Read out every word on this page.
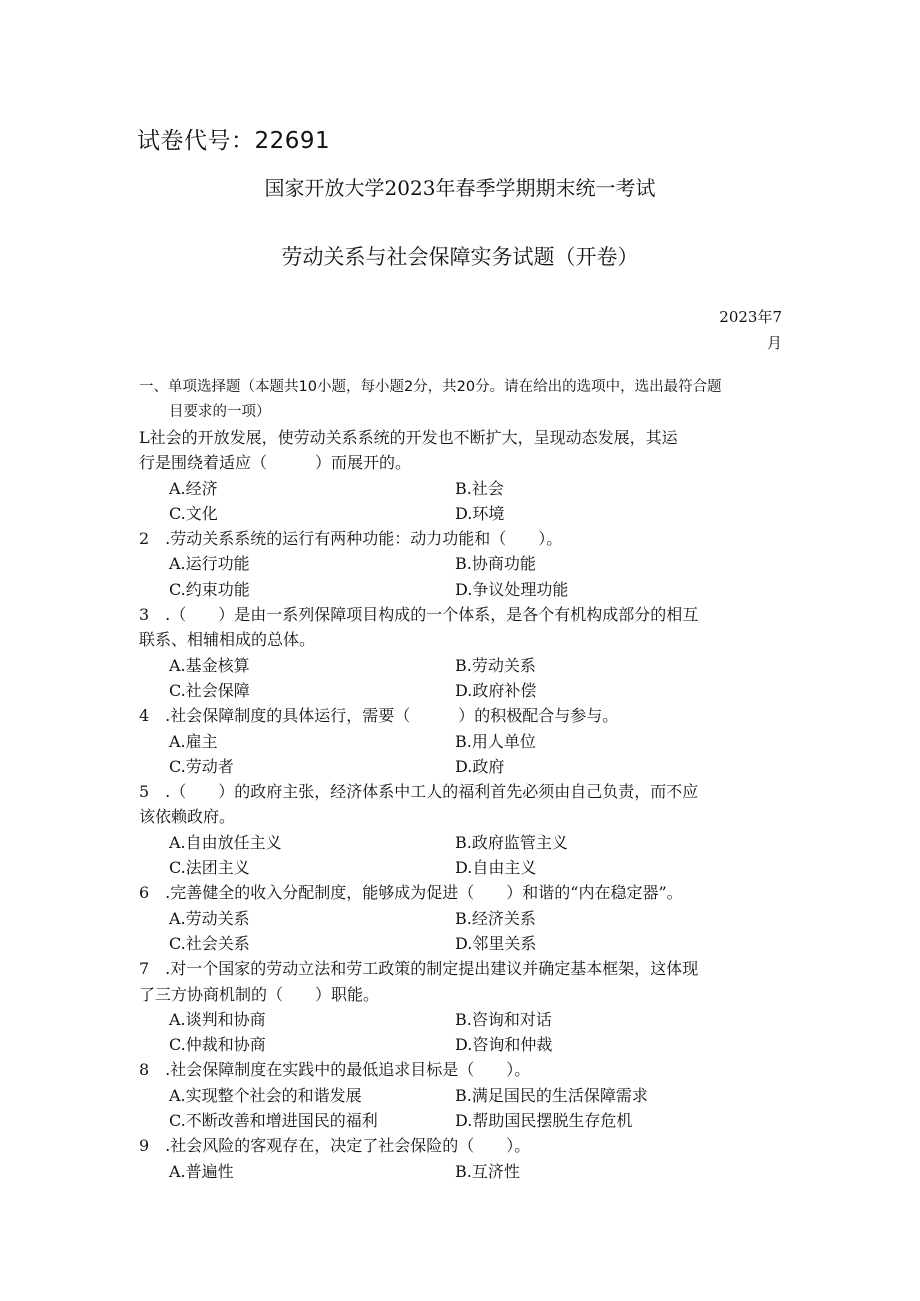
试卷代号：22691
国家开放大学2023年春季学期期末统一考试
劳动关系与社会保障实务试题（开卷）
2023年7
月
一、单项选择题（本题共10小题，每小题2分，共20分。请在给出的选项中，选出最符合题
目要求的一项）
L社会的开放发展，使劳动关系系统的开发也不断扩大，呈现动态发展，其运
行是围绕着适应（　　　）而展开的。
A.经济	B.社会
C.文化	D.环境
2　.劳动关系系统的运行有两种功能：动力功能和（　　）。
A.运行功能	B.协商功能
C.约束功能	D.争议处理功能
3　.（　　）是由一系列保障项目构成的一个体系，是各个有机构成部分的相互
联系、相辅相成的总体。
A.基金核算	B.劳动关系
C.社会保障	D.政府补偿
4　.社会保障制度的具体运行，需要（　　　）的积极配合与参与。
A.雇主	B.用人单位
C.劳动者	D.政府
5　.（　　）的政府主张，经济体系中工人的福利首先必须由自己负责，而不应
该依赖政府。
A.自由放任主义	B.政府监管主义
C.法团主义	D.自由主义
6　.完善健全的收入分配制度，能够成为促进（　　）和谐的“内在稳定器”。
A.劳动关系	B.经济关系
C.社会关系	D.邻里关系
7　.对一个国家的劳动立法和劳工政策的制定提出建议并确定基本框架，这体现
了三方协商机制的（　　）职能。
A.谈判和协商	B.咨询和对话
C.仲裁和协商	D.咨询和仲裁
8　.社会保障制度在实践中的最低追求目标是（　　）。
A.实现整个社会的和谐发展	B.满足国民的生活保障需求
C.不断改善和增进国民的福利	D.帮助国民摆脱生存危机
9　.社会风险的客观存在，决定了社会保险的（　　）。
A.普遍性	B.互济性
